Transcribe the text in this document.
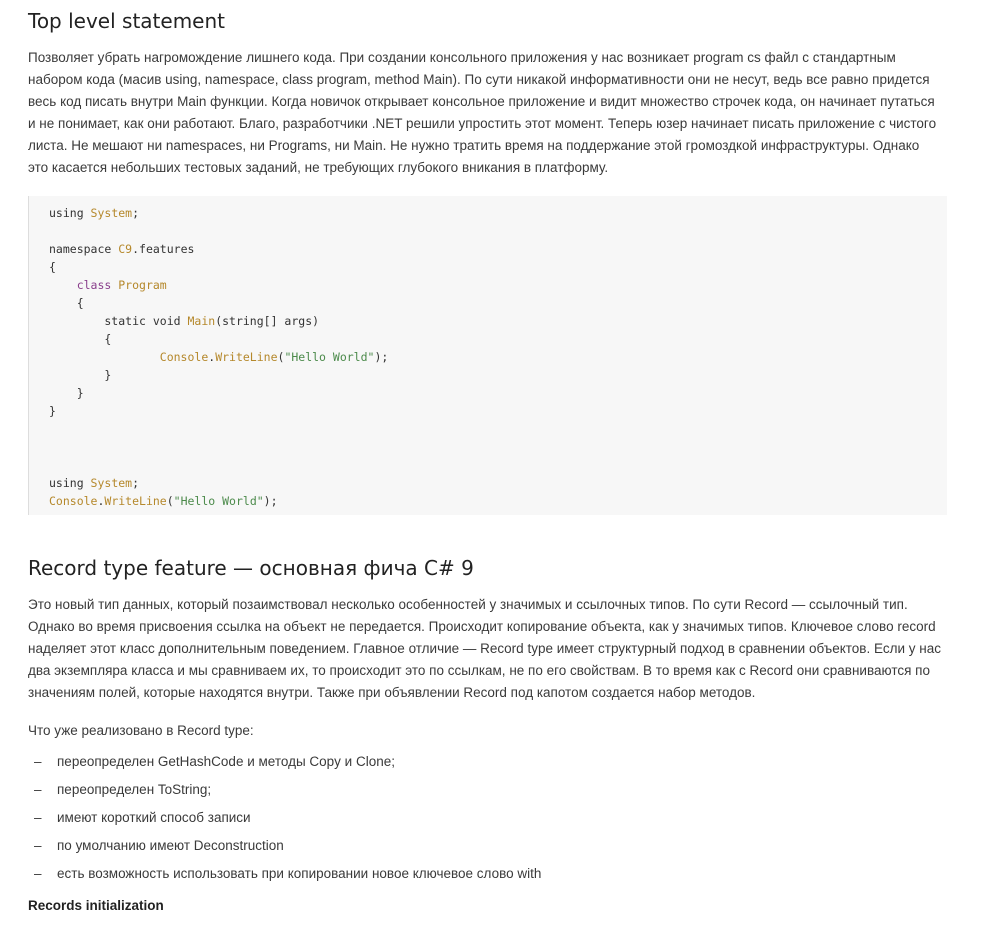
Top level statement

Позволяет убрать нагромождение лишнего кода. При создании консольного приложения у нас возникает program cs файл с стандартным набором кода (масив using, namespace, class program, method Main). По сути никакой информативности они не несут, ведь все равно придется весь код писать внутри Main функции. Когда новичок открывает консольное приложение и видит множество строчек кода, он начинает путаться и не понимает, как они работают. Благо, разработчики .NET решили упростить этот момент. Теперь юзер начинает писать приложение с чистого листа. Не мешают ни namespaces, ни Programs, ни Main. Не нужно тратить время на поддержание этой громоздкой инфраструктуры. Однако это касается небольших тестовых заданий, не требующих глубокого вникания в платформу.

using System;
namespace C9.features
{
class Program
{
static void Main(string[] args)
{
Console.WriteLine("Hello World");
}
}
}
using System;
Console.WriteLine("Hello World");
Record type feature — основная фича C# 9

Это новый тип данных, который позаимствовал несколько особенностей у значимых и ссылочных типов. По сути Record — ссылочный тип. Однако во время присвоения ссылка на объект не передается. Происходит копирование объекта, как у значимых типов. Ключевое слово record наделяет этот класс дополнительным поведением. Главное отличие — Record type имеет структурный подход в сравнении объектов. Если у нас два экземпляра класса и мы сравниваем их, то происходит это по ссылкам, не по его свойствам. В то время как с Record они сравниваются по значениям полей, которые находятся внутри. Также при объявлении Record под капотом создается набор методов.

Что уже реализовано в Record type:

– переопределен GetHashCode и методы Copy и Clone;
– переопределен ToString;
– имеют короткий способ записи
– по умолчанию имеют Deconstruction
– есть возможность использовать при копировании новое ключевое слово with
Records initialization
